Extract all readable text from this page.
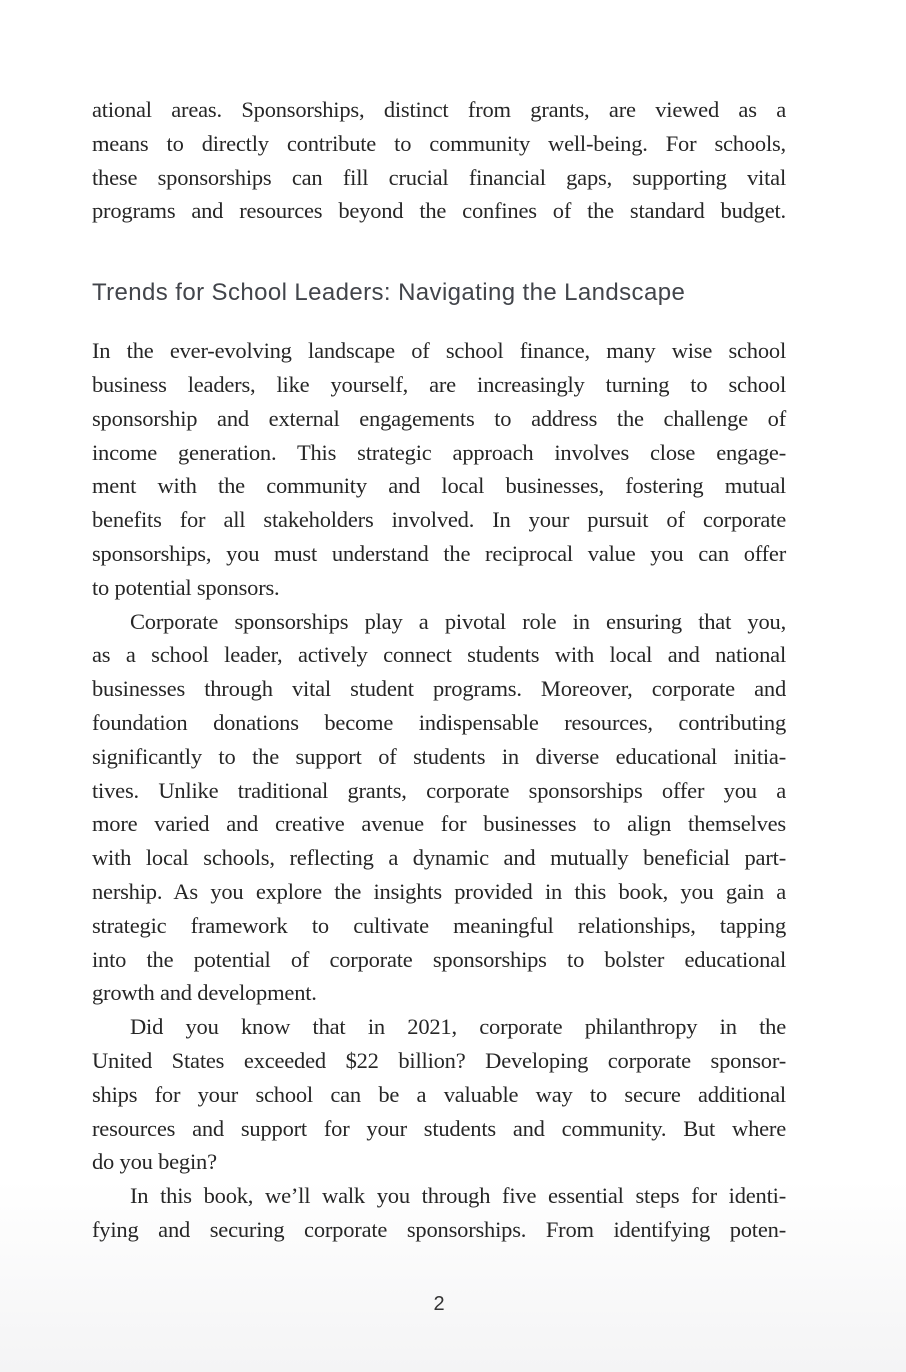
ational areas. Sponsorships, distinct from grants, are viewed as a
means to directly contribute to community well-being. For schools,
these sponsorships can fill crucial financial gaps, supporting vital
programs and resources beyond the confines of the standard budget.
Trends for School Leaders: Navigating the Landscape
In the ever-evolving landscape of school finance, many wise school
business leaders, like yourself, are increasingly turning to school
sponsorship and external engagements to address the challenge of
income generation. This strategic approach involves close engage-
ment with the community and local businesses, fostering mutual
benefits for all stakeholders involved. In your pursuit of corporate
sponsorships, you must understand the reciprocal value you can offer
to potential sponsors.
Corporate sponsorships play a pivotal role in ensuring that you,
as a school leader, actively connect students with local and national
businesses through vital student programs. Moreover, corporate and
foundation donations become indispensable resources, contributing
significantly to the support of students in diverse educational initia-
tives. Unlike traditional grants, corporate sponsorships offer you a
more varied and creative avenue for businesses to align themselves
with local schools, reflecting a dynamic and mutually beneficial part-
nership. As you explore the insights provided in this book, you gain a
strategic framework to cultivate meaningful relationships, tapping
into the potential of corporate sponsorships to bolster educational
growth and development.
Did you know that in 2021, corporate philanthropy in the
United States exceeded $22 billion? Developing corporate sponsor-
ships for your school can be a valuable way to secure additional
resources and support for your students and community. But where
do you begin?
In this book, we’ll walk you through five essential steps for identi-
fying and securing corporate sponsorships. From identifying poten-
2
